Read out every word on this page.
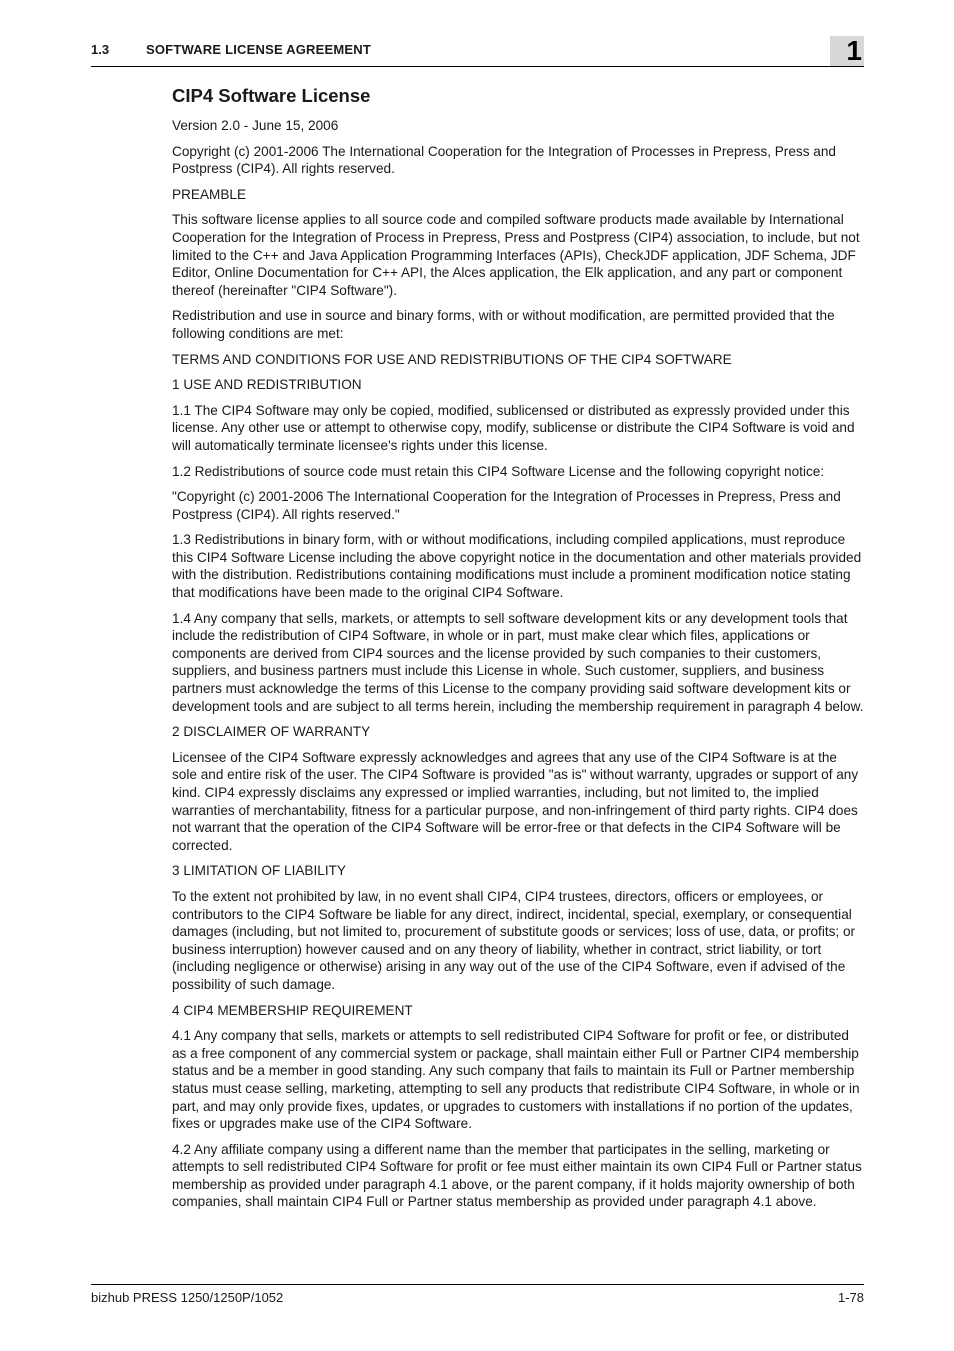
1.3	SOFTWARE LICENSE AGREEMENT	1
CIP4 Software License

Version 2.0 - June 15, 2006

Copyright (c) 2001-2006 The International Cooperation for the Integration of Processes in Prepress, Press and Postpress (CIP4). All rights reserved.

PREAMBLE

This software license applies to all source code and compiled software products made available by International Cooperation for the Integration of Process in Prepress, Press and Postpress (CIP4) association, to include, but not limited to the C++ and Java Application Programming Interfaces (APIs), CheckJDF application, JDF Schema, JDF Editor, Online Documentation for C++ API, the Alces application, the Elk application, and any part or component thereof (hereinafter "CIP4 Software").

Redistribution and use in source and binary forms, with or without modification, are permitted provided that the following conditions are met:

TERMS AND CONDITIONS FOR USE AND REDISTRIBUTIONS OF THE CIP4 SOFTWARE

1 USE AND REDISTRIBUTION

1.1 The CIP4 Software may only be copied, modified, sublicensed or distributed as expressly provided under this license. Any other use or attempt to otherwise copy, modify, sublicense or distribute the CIP4 Software is void and will automatically terminate licensee's rights under this license.

1.2 Redistributions of source code must retain this CIP4 Software License and the following copyright notice:

"Copyright (c) 2001-2006 The International Cooperation for the Integration of Processes in Prepress, Press and Postpress (CIP4). All rights reserved."

1.3 Redistributions in binary form, with or without modifications, including compiled applications, must reproduce this CIP4 Software License including the above copyright notice in the documentation and other materials provided with the distribution. Redistributions containing modifications must include a prominent modification notice stating that modifications have been made to the original CIP4 Software.

1.4 Any company that sells, markets, or attempts to sell software development kits or any development tools that include the redistribution of CIP4 Software, in whole or in part, must make clear which files, applications or components are derived from CIP4 sources and the license provided by such companies to their customers, suppliers, and business partners must include this License in whole. Such customer, suppliers, and business partners must acknowledge the terms of this License to the company providing said software development kits or development tools and are subject to all terms herein, including the membership requirement in paragraph 4 below.

2 DISCLAIMER OF WARRANTY

Licensee of the CIP4 Software expressly acknowledges and agrees that any use of the CIP4 Software is at the sole and entire risk of the user. The CIP4 Software is provided "as is" without warranty, upgrades or support of any kind. CIP4 expressly disclaims any expressed or implied warranties, including, but not limited to, the implied warranties of merchantability, fitness for a particular purpose, and non-infringement of third party rights. CIP4 does not warrant that the operation of the CIP4 Software will be error-free or that defects in the CIP4 Software will be corrected.

3 LIMITATION OF LIABILITY

To the extent not prohibited by law, in no event shall CIP4, CIP4 trustees, directors, officers or employees, or contributors to the CIP4 Software be liable for any direct, indirect, incidental, special, exemplary, or consequential damages (including, but not limited to, procurement of substitute goods or services; loss of use, data, or profits; or business interruption) however caused and on any theory of liability, whether in contract, strict liability, or tort (including negligence or otherwise) arising in any way out of the use of the CIP4 Software, even if advised of the possibility of such damage.

4 CIP4 MEMBERSHIP REQUIREMENT

4.1 Any company that sells, markets or attempts to sell redistributed CIP4 Software for profit or fee, or distributed as a free component of any commercial system or package, shall maintain either Full or Partner CIP4 membership status and be a member in good standing. Any such company that fails to maintain its Full or Partner membership status must cease selling, marketing, attempting to sell any products that redistribute CIP4 Software, in whole or in part, and may only provide fixes, updates, or upgrades to customers with installations if no portion of the updates, fixes or upgrades make use of the CIP4 Software.

4.2 Any affiliate company using a different name than the member that participates in the selling, marketing or attempts to sell redistributed CIP4 Software for profit or fee must either maintain its own CIP4 Full or Partner status membership as provided under paragraph 4.1 above, or the parent company, if it holds majority ownership of both companies, shall maintain CIP4 Full or Partner status membership as provided under paragraph 4.1 above.

bizhub PRESS 1250/1250P/1052	1-78
